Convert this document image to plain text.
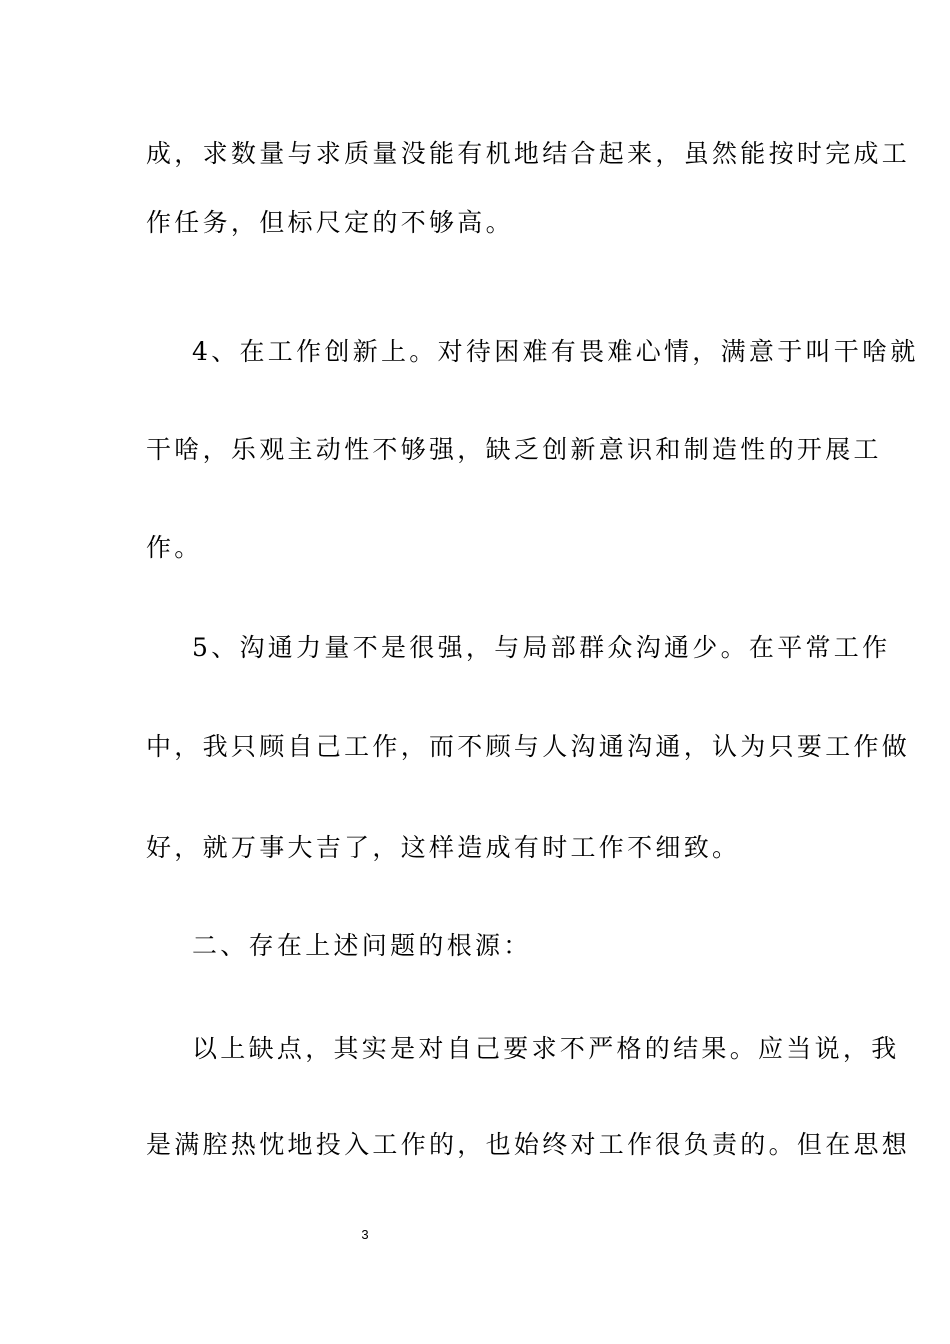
成，求数量与求质量没能有机地结合起来，虽然能按时完成工
作任务，但标尺定的不够高。
4、在工作创新上。对待困难有畏难心情，满意于叫干啥就
干啥，乐观主动性不够强，缺乏创新意识和制造性的开展工
作。
5、沟通力量不是很强，与局部群众沟通少。在平常工作
中，我只顾自己工作，而不顾与人沟通沟通，认为只要工作做
好，就万事大吉了，这样造成有时工作不细致。
二、存在上述问题的根源：
以上缺点，其实是对自己要求不严格的结果。应当说，我
是满腔热忱地投入工作的，也始终对工作很负责的。但在思想
3
